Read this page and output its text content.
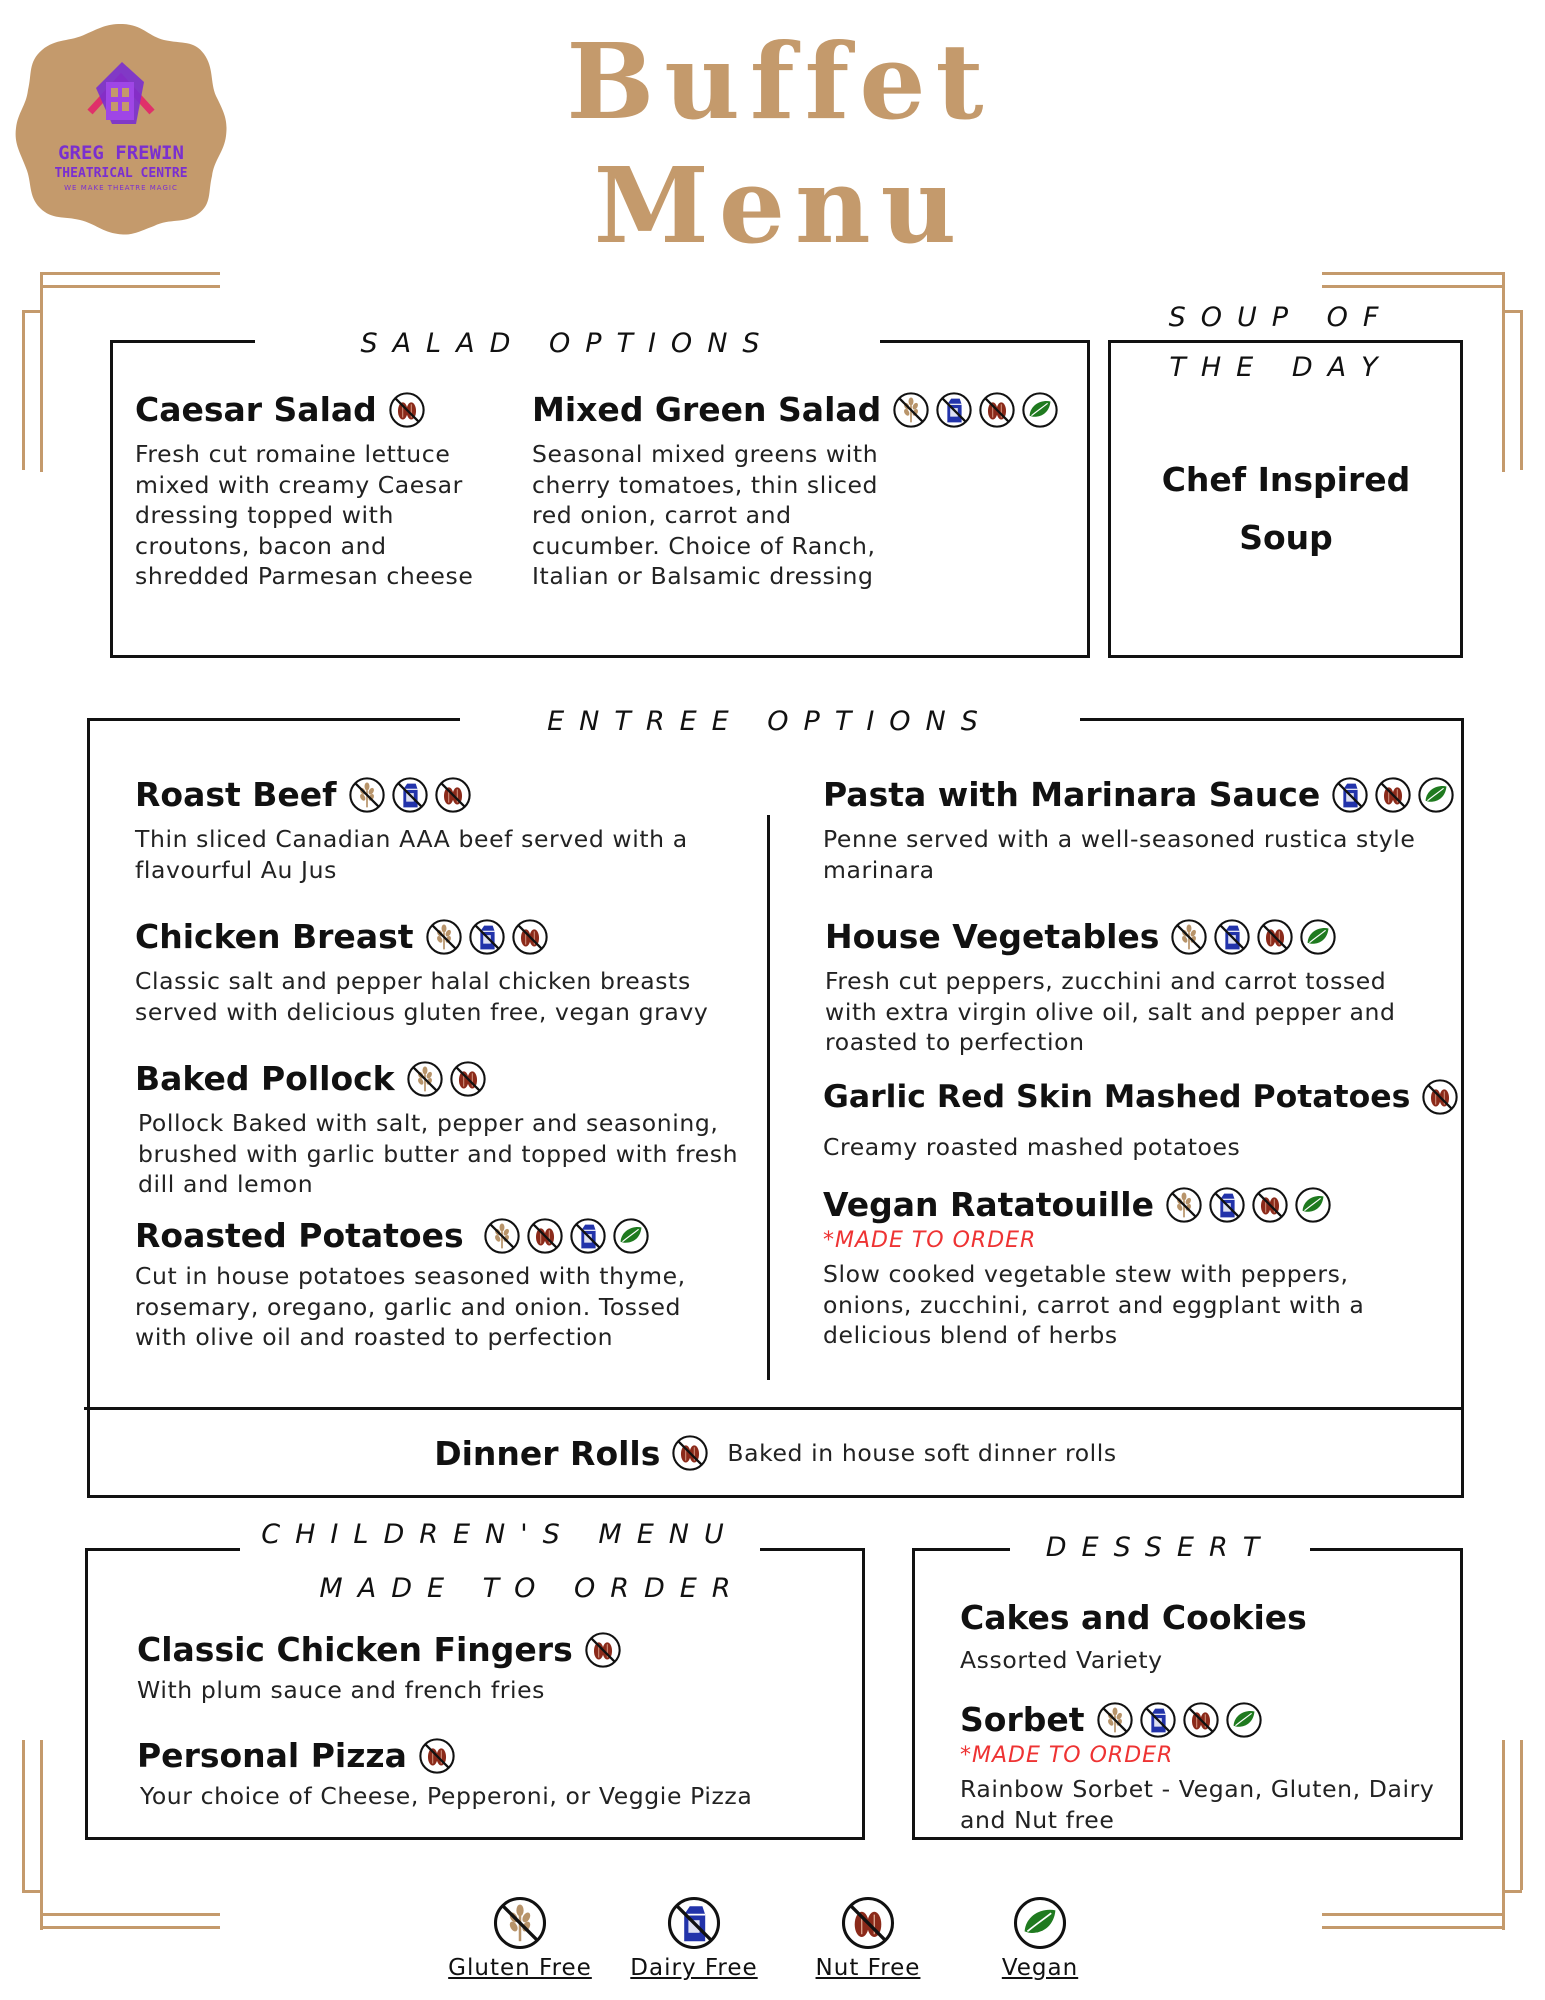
GREG FREWIN
THEATRICAL CENTRE
WE MAKE THEATRE MAGIC
Buffet
Menu
SALAD OPTIONS
Caesar Salad
Fresh cut romaine lettuce mixed with creamy Caesar dressing topped with croutons, bacon and shredded Parmesan cheese
Mixed Green Salad
Seasonal mixed greens with cherry tomatoes, thin sliced red onion, carrot and cucumber. Choice of Ranch, Italian or Balsamic dressing
SOUP OF
THE DAY
Chef Inspired
Soup
ENTREE OPTIONS
Roast Beef
Thin sliced Canadian AAA beef served with a flavourful Au Jus
Chicken Breast
Classic salt and pepper halal chicken breasts served with delicious gluten free, vegan gravy
Baked Pollock
Pollock Baked with salt, pepper and seasoning, brushed with garlic butter and topped with fresh dill and lemon
Roasted Potatoes
Cut in house potatoes seasoned with thyme, rosemary, oregano, garlic and onion. Tossed with olive oil and roasted to perfection
Pasta with Marinara Sauce
Penne served with a well-seasoned rustica style marinara
House Vegetables
Fresh cut peppers, zucchini and carrot tossed with extra virgin olive oil, salt and pepper and roasted to perfection
Garlic Red Skin Mashed Potatoes
Creamy roasted mashed potatoes
Vegan Ratatouille
*MADE TO ORDER
Slow cooked vegetable stew with peppers, onions, zucchini, carrot and eggplant with a delicious blend of herbs
Dinner Rolls	Baked in house soft dinner rolls
CHILDREN'S MENU
MADE TO ORDER
Classic Chicken Fingers
With plum sauce and french fries
Personal Pizza
Your choice of Cheese, Pepperoni, or Veggie Pizza
DESSERT
Cakes and Cookies
Assorted Variety
Sorbet
*MADE TO ORDER
Rainbow Sorbet - Vegan, Gluten, Dairy and Nut free
Gluten Free	Dairy Free	Nut Free	Vegan
